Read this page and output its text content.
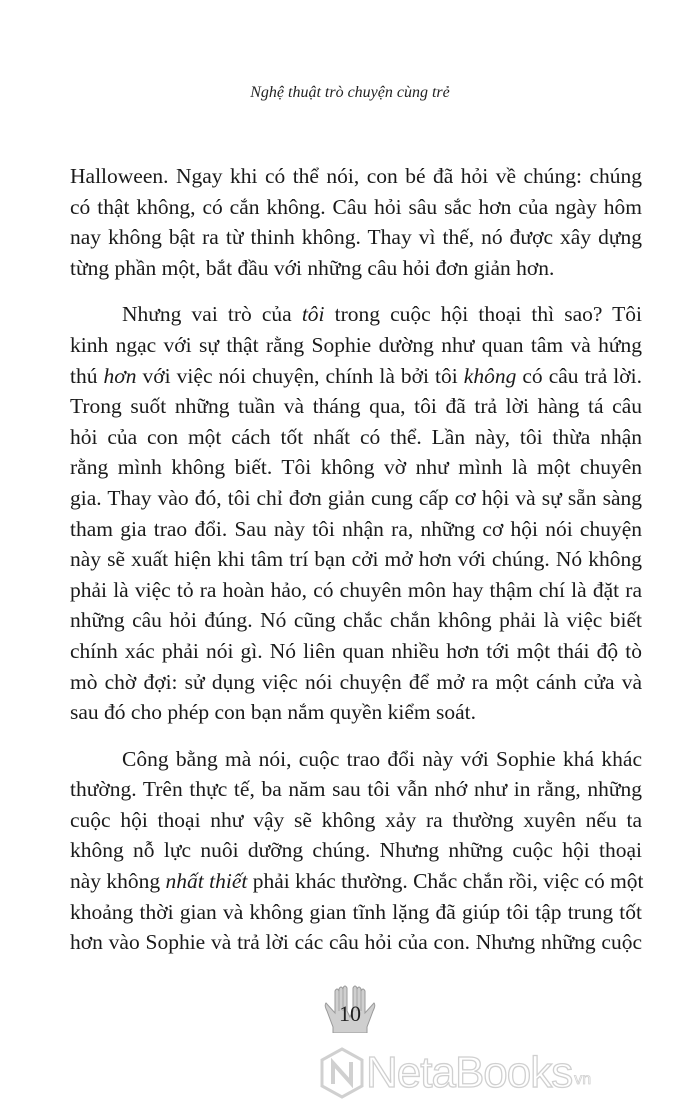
Nghệ thuật trò chuyện cùng trẻ
Halloween. Ngay khi có thể nói, con bé đã hỏi về chúng: chúng
có thật không, có cắn không. Câu hỏi sâu sắc hơn của ngày hôm
nay không bật ra từ thinh không. Thay vì thế, nó được xây dựng
từng phần một, bắt đầu với những câu hỏi đơn giản hơn.
Nhưng vai trò của tôi trong cuộc hội thoại thì sao? Tôi
kinh ngạc với sự thật rằng Sophie dường như quan tâm và hứng
thú hơn với việc nói chuyện, chính là bởi tôi không có câu trả lời.
Trong suốt những tuần và tháng qua, tôi đã trả lời hàng tá câu
hỏi của con một cách tốt nhất có thể. Lần này, tôi thừa nhận
rằng mình không biết. Tôi không vờ như mình là một chuyên
gia. Thay vào đó, tôi chỉ đơn giản cung cấp cơ hội và sự sẵn sàng
tham gia trao đổi. Sau này tôi nhận ra, những cơ hội nói chuyện
này sẽ xuất hiện khi tâm trí bạn cởi mở hơn với chúng. Nó không
phải là việc tỏ ra hoàn hảo, có chuyên môn hay thậm chí là đặt ra
những câu hỏi đúng. Nó cũng chắc chắn không phải là việc biết
chính xác phải nói gì. Nó liên quan nhiều hơn tới một thái độ tò
mò chờ đợi: sử dụng việc nói chuyện để mở ra một cánh cửa và
sau đó cho phép con bạn nắm quyền kiểm soát.
Công bằng mà nói, cuộc trao đổi này với Sophie khá khác
thường. Trên thực tế, ba năm sau tôi vẫn nhớ như in rằng, những
cuộc hội thoại như vậy sẽ không xảy ra thường xuyên nếu ta
không nỗ lực nuôi dưỡng chúng. Nhưng những cuộc hội thoại
này không nhất thiết phải khác thường. Chắc chắn rồi, việc có một
khoảng thời gian và không gian tĩnh lặng đã giúp tôi tập trung tốt
hơn vào Sophie và trả lời các câu hỏi của con. Nhưng những cuộc
10
NetaBooks vn
